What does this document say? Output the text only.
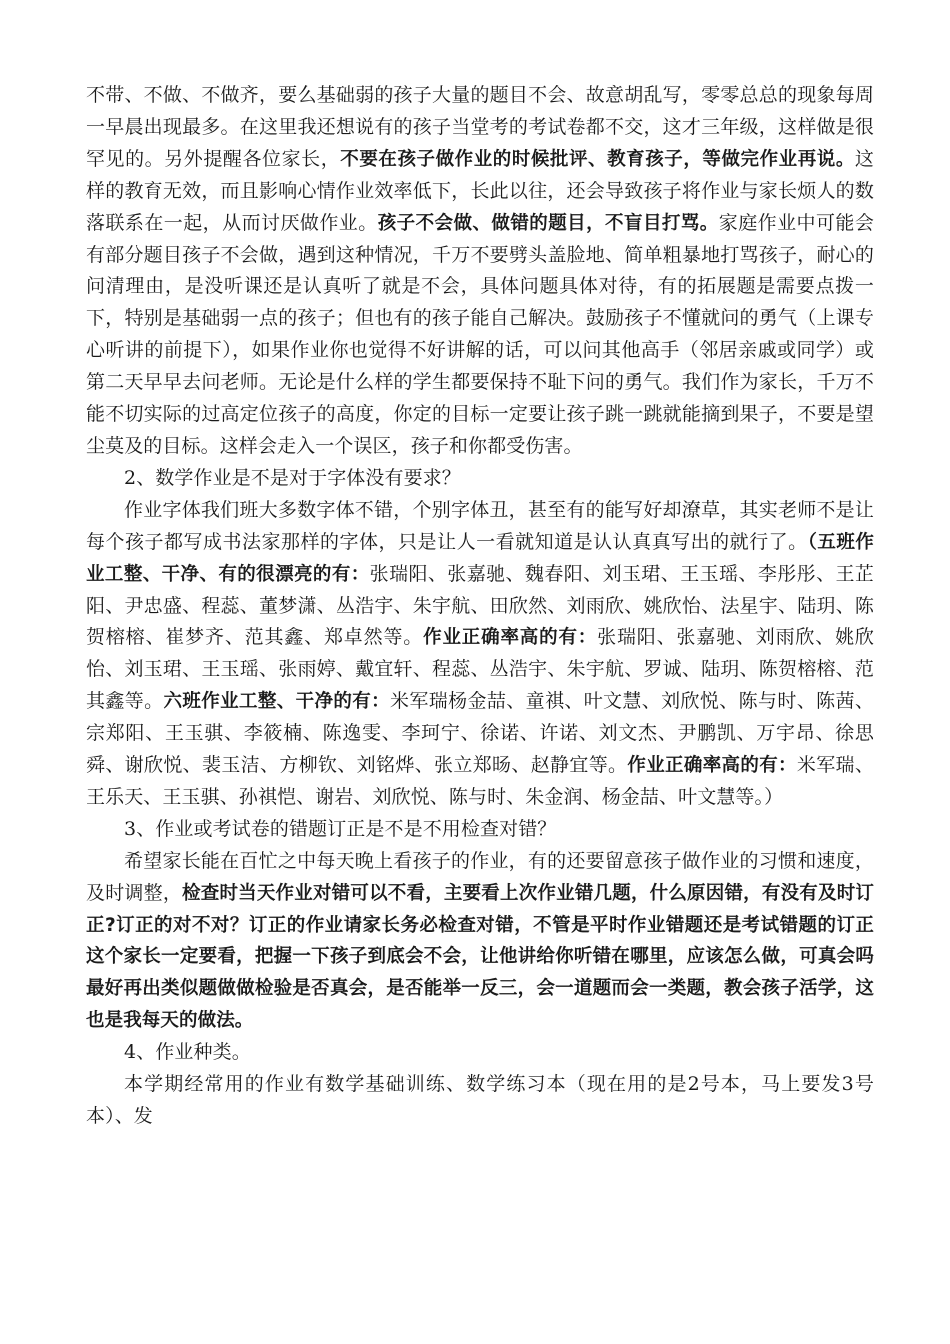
不带、不做、不做齐，要么基础弱的孩子大量的题目不会、故意胡乱写，零零总总的现象每周一早晨出现最多。在这里我还想说有的孩子当堂考的考试卷都不交，这才三年级，这样做是很罕见的。另外提醒各位家长，不要在孩子做作业的时候批评、教育孩子，等做完作业再说。这样的教育无效，而且影响心情作业效率低下，长此以往，还会导致孩子将作业与家长烦人的数落联系在一起，从而讨厌做作业。孩子不会做、做错的题目，不盲目打骂。家庭作业中可能会有部分题目孩子不会做，遇到这种情况，千万不要劈头盖脸地、简单粗暴地打骂孩子，耐心的问清理由，是没听课还是认真听了就是不会，具体问题具体对待，有的拓展题是需要点拨一下，特别是基础弱一点的孩子；但也有的孩子能自己解决。鼓励孩子不懂就问的勇气（上课专心听讲的前提下），如果作业你也觉得不好讲解的话，可以问其他高手（邻居亲戚或同学）或第二天早早去问老师。无论是什么样的学生都要保持不耻下问的勇气。我们作为家长，千万不能不切实际的过高定位孩子的高度，你定的目标一定要让孩子跳一跳就能摘到果子，不要是望尘莫及的目标。这样会走入一个误区，孩子和你都受伤害。

2、数学作业是不是对于字体没有要求？

作业字体我们班大多数字体不错，个别字体丑，甚至有的能写好却潦草，其实老师不是让每个孩子都写成书法家那样的字体，只是让人一看就知道是认认真真写出的就行了。（五班作业工整、干净、有的很漂亮的有：张瑞阳、张嘉驰、魏春阳、刘玉珺、王玉瑶、李彤彤、王芷阳、尹忠盛、程蕊、董梦潇、丛浩宇、朱宇航、田欣然、刘雨欣、姚欣怡、法星宇、陆玥、陈贺榕榕、崔梦齐、范其鑫、郑卓然等。作业正确率高的有：张瑞阳、张嘉驰、刘雨欣、姚欣怡、刘玉珺、王玉瑶、张雨婷、戴宜轩、程蕊、丛浩宇、朱宇航、罗诚、陆玥、陈贺榕榕、范其鑫等。六班作业工整、干净的有：米军瑞杨金喆、童祺、叶文慧、刘欣悦、陈与时、陈茜、宗郑阳、王玉骐、李筱楠、陈逸雯、李珂宁、徐诺、许诺、刘文杰、尹鹏凯、万宇昂、徐思舜、谢欣悦、裴玉洁、方柳钦、刘铭烨、张立郑旸、赵静宜等。作业正确率高的有：米军瑞、王乐天、王玉骐、孙祺恺、谢岩、刘欣悦、陈与时、朱金润、杨金喆、叶文慧等。）

3、作业或考试卷的错题订正是不是不用检查对错？

希望家长能在百忙之中每天晚上看孩子的作业，有的还要留意孩子做作业的习惯和速度，及时调整，检查时当天作业对错可以不看，主要看上次作业错几题，什么原因错，有没有及时订正?订正的对不对？订正的作业请家长务必检查对错，不管是平时作业错题还是考试错题的订正这个家长一定要看，把握一下孩子到底会不会，让他讲给你听错在哪里，应该怎么做，可真会吗最好再出类似题做做检验是否真会，是否能举一反三，会一道题而会一类题，教会孩子活学，这也是我每天的做法。

4、作业种类。

本学期经常用的作业有数学基础训练、数学练习本（现在用的是2号本，马上要发3号本）、发
